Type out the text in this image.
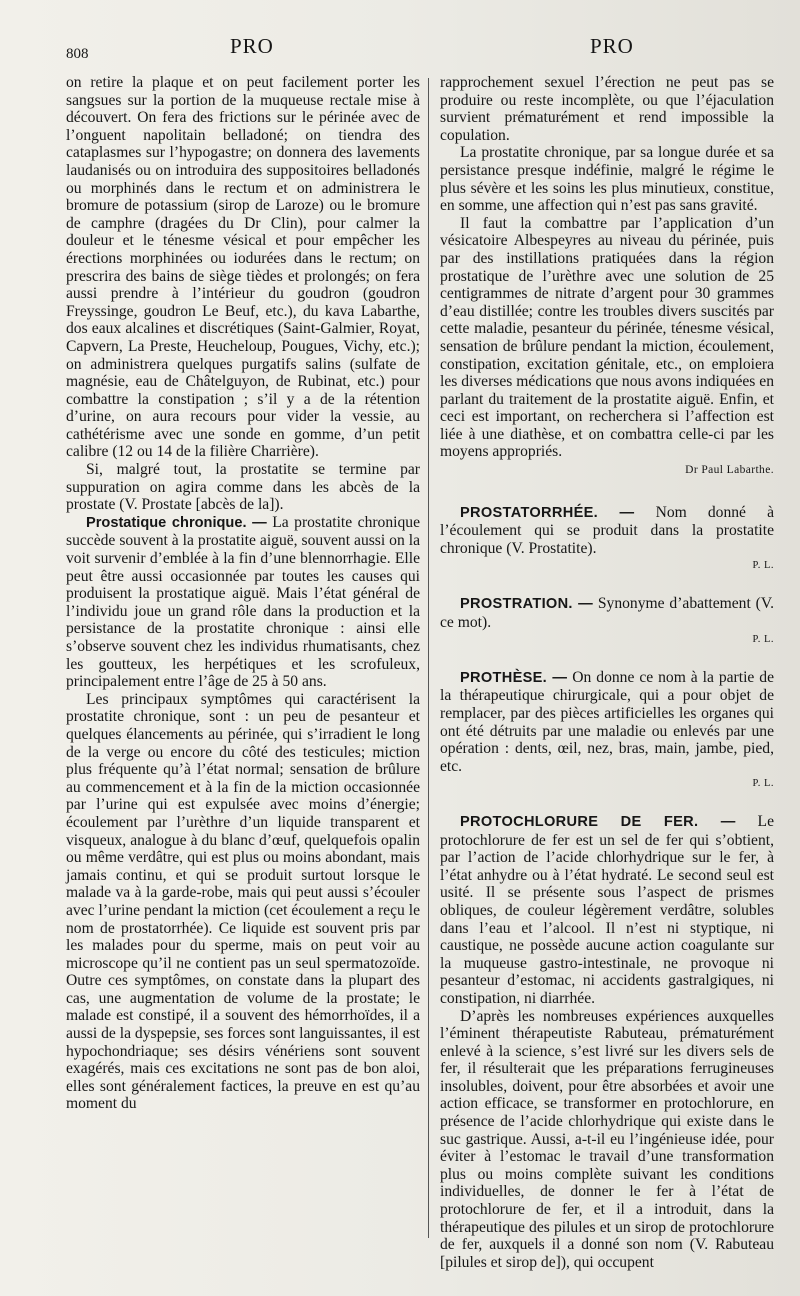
808	PRO	PRO

on retire la plaque et on peut facilement porter les sangsues sur la portion de la muqueuse rectale mise à découvert. On fera des frictions sur le périnée avec de l’onguent napolitain belladoné; on tiendra des cataplasmes sur l’hypogastre; on donnera des lavements laudanisés ou on introduira des suppositoires belladonés ou morphinés dans le rectum et on administrera le bromure de potassium (sirop de Laroze) ou le bromure de camphre (dragées du Dr Clin), pour calmer la douleur et le ténesme vésical et pour empêcher les érections morphinées ou iodurées dans le rectum; on prescrira des bains de siège tièdes et prolongés; on fera aussi prendre à l’intérieur du goudron (goudron Freyssinge, goudron Le Beuf, etc.), du kava Labarthe, dos eaux alcalines et discrétiques (Saint-Galmier, Royat, Capvern, La Preste, Heucheloup, Pougues, Vichy, etc.); on administrera quelques purgatifs salins (sulfate de magnésie, eau de Châtelguyon, de Rubinat, etc.) pour combattre la constipation ; s’il y a de la rétention d’urine, on aura recours pour vider la vessie, au cathétérisme avec une sonde en gomme, d’un petit calibre (12 ou 14 de la filière Charrière).

Si, malgré tout, la prostatite se termine par suppuration on agira comme dans les abcès de la prostate (V. Prostate [abcès de la]).

Prostatique chronique. — La prostatite chronique succède souvent à la prostatite aiguë, souvent aussi on la voit survenir d’emblée à la fin d’une blennorrhagie. Elle peut être aussi occasionnée par toutes les causes qui produisent la prostatique aiguë. Mais l’état général de l’individu joue un grand rôle dans la production et la persistance de la prostatite chronique : ainsi elle s’observe souvent chez les individus rhumatisants, chez les goutteux, les herpétiques et les scrofuleux, principalement entre l’âge de 25 à 50 ans.

Les principaux symptômes qui caractérisent la prostatite chronique, sont : un peu de pesanteur et quelques élancements au périnée, qui s’irradient le long de la verge ou encore du côté des testicules; miction plus fréquente qu’à l’état normal; sensation de brûlure au commencement et à la fin de la miction occasionnée par l’urine qui est expulsée avec moins d’énergie; écoulement par l’urèthre d’un liquide transparent et visqueux, analogue à du blanc d’œuf, quelquefois opalin ou même verdâtre, qui est plus ou moins abondant, mais jamais continu, et qui se produit surtout lorsque le malade va à la garde-robe, mais qui peut aussi s’écouler avec l’urine pendant la miction (cet écoulement a reçu le nom de prostatorrhée). Ce liquide est souvent pris par les malades pour du sperme, mais on peut voir au microscope qu’il ne contient pas un seul spermatozoïde. Outre ces symptômes, on constate dans la plupart des cas, une augmentation de volume de la prostate; le malade est constipé, il a souvent des hémorrhoïdes, il a aussi de la dyspepsie, ses forces sont languissantes, il est hypochondriaque; ses désirs vénériens sont souvent exagérés, mais ces excitations ne sont pas de bon aloi, elles sont généralement factices, la preuve en est qu’au moment du

rapprochement sexuel l’érection ne peut pas se produire ou reste incomplète, ou que l’éjaculation survient prématurément et rend impossible la copulation.

La prostatite chronique, par sa longue durée et sa persistance presque indéfinie, malgré le régime le plus sévère et les soins les plus minutieux, constitue, en somme, une affection qui n’est pas sans gravité.

Il faut la combattre par l’application d’un vésicatoire Albespeyres au niveau du périnée, puis par des instillations pratiquées dans la région prostatique de l’urèthre avec une solution de 25 centigrammes de nitrate d’argent pour 30 grammes d’eau distillée; contre les troubles divers suscités par cette maladie, pesanteur du périnée, ténesme vésical, sensation de brûlure pendant la miction, écoulement, constipation, excitation génitale, etc., on emploiera les diverses médications que nous avons indiquées en parlant du traitement de la prostatite aiguë. Enfin, et ceci est important, on recherchera si l’affection est liée à une diathèse, et on combattra celle-ci par les moyens appropriés.

Dr Paul Labarthe.

PROSTATORRHÉE. — Nom donné à l’écoulement qui se produit dans la prostatite chronique (V. Prostatite).

P. L.

PROSTRATION. — Synonyme d’abattement (V. ce mot).

P. L.

PROTHÈSE. — On donne ce nom à la partie de la thérapeutique chirurgicale, qui a pour objet de remplacer, par des pièces artificielles les organes qui ont été détruits par une maladie ou enlevés par une opération : dents, œil, nez, bras, main, jambe, pied, etc.

P. L.

PROTOCHLORURE DE FER. — Le protochlorure de fer est un sel de fer qui s’obtient, par l’action de l’acide chlorhydrique sur le fer, à l’état anhydre ou à l’état hydraté. Le second seul est usité. Il se présente sous l’aspect de prismes obliques, de couleur légèrement verdâtre, solubles dans l’eau et l’alcool. Il n’est ni styptique, ni caustique, ne possède aucune action coagulante sur la muqueuse gastro-intestinale, ne provoque ni pesanteur d’estomac, ni accidents gastralgiques, ni constipation, ni diarrhée.

D’après les nombreuses expériences auxquelles l’éminent thérapeutiste Rabuteau, prématurément enlevé à la science, s’est livré sur les divers sels de fer, il résulterait que les préparations ferrugineuses insolubles, doivent, pour être absorbées et avoir une action efficace, se transformer en protochlorure, en présence de l’acide chlorhydrique qui existe dans le suc gastrique. Aussi, a-t-il eu l’ingénieuse idée, pour éviter à l’estomac le travail d’une transformation plus ou moins complète suivant les conditions individuelles, de donner le fer à l’état de protochlorure de fer, et il a introduit, dans la thérapeutique des pilules et un sirop de protochlorure de fer, auxquels il a donné son nom (V. Rabuteau [pilules et sirop de]), qui occupent
